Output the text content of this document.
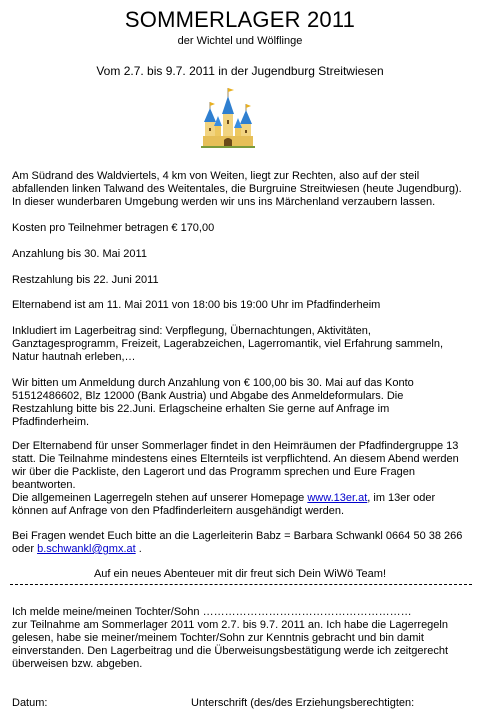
SOMMERLAGER 2011
der Wichtel und Wölflinge
Vom 2.7. bis 9.7. 2011 in der Jugendburg Streitwiesen

Am Südrand des Waldviertels, 4 km von Weiten, liegt zur Rechten, also auf der steil

abfallenden linken Talwand des Weitentales, die Burgruine Streitwiesen (heute Jugendburg).

In dieser wunderbaren Umgebung werden wir uns ins Märchenland verzaubern lassen.

Kosten pro Teilnehmer betragen € 170,00

Anzahlung bis 30. Mai 2011

Restzahlung bis 22. Juni 2011

Elternabend ist am 11. Mai 2011 von 18:00 bis 19:00 Uhr im Pfadfinderheim

Inkludiert im Lagerbeitrag sind: Verpflegung, Übernachtungen, Aktivitäten,

Ganztagesprogramm, Freizeit, Lagerabzeichen, Lagerromantik, viel Erfahrung sammeln,

Natur hautnah erleben,…

Wir bitten um Anmeldung durch Anzahlung von € 100,00 bis 30. Mai auf das Konto

51512486602, Blz 12000 (Bank Austria) und Abgabe des Anmeldeformulars. Die

Restzahlung bitte bis 22.Juni. Erlagscheine erhalten Sie gerne auf Anfrage im

Pfadfinderheim.

Der Elternabend für unser Sommerlager findet in den Heimräumen der Pfadfindergruppe 13

statt. Die Teilnahme mindestens eines Elternteils ist verpflichtend. An diesem Abend werden

wir über die Packliste, den Lagerort und das Programm sprechen und Eure Fragen

beantworten.

Die allgemeinen Lagerregeln stehen auf unserer Homepage www.13er.at, im 13er oder

können auf Anfrage von den Pfadfinderleitern ausgehändigt werden.

Bei Fragen wendet Euch bitte an die Lagerleiterin Babz = Barbara Schwankl 0664 50 38 266

oder b.schwankl@gmx.at .

Auf ein neues Abenteuer mit dir freut sich Dein WiWö Team!

Ich melde meine/meinen Tochter/Sohn …………………………………………………

zur Teilnahme am Sommerlager 2011 vom 2.7. bis 9.7. 2011 an. Ich habe die Lagerregeln

gelesen, habe sie meiner/meinem Tochter/Sohn zur Kenntnis gebracht und bin damit

einverstanden. Den Lagerbeitrag und die Überweisungsbestätigung werde ich zeitgerecht

überweisen bzw. abgeben.

Datum:	Unterschrift (des/des Erziehungsberechtigten:
